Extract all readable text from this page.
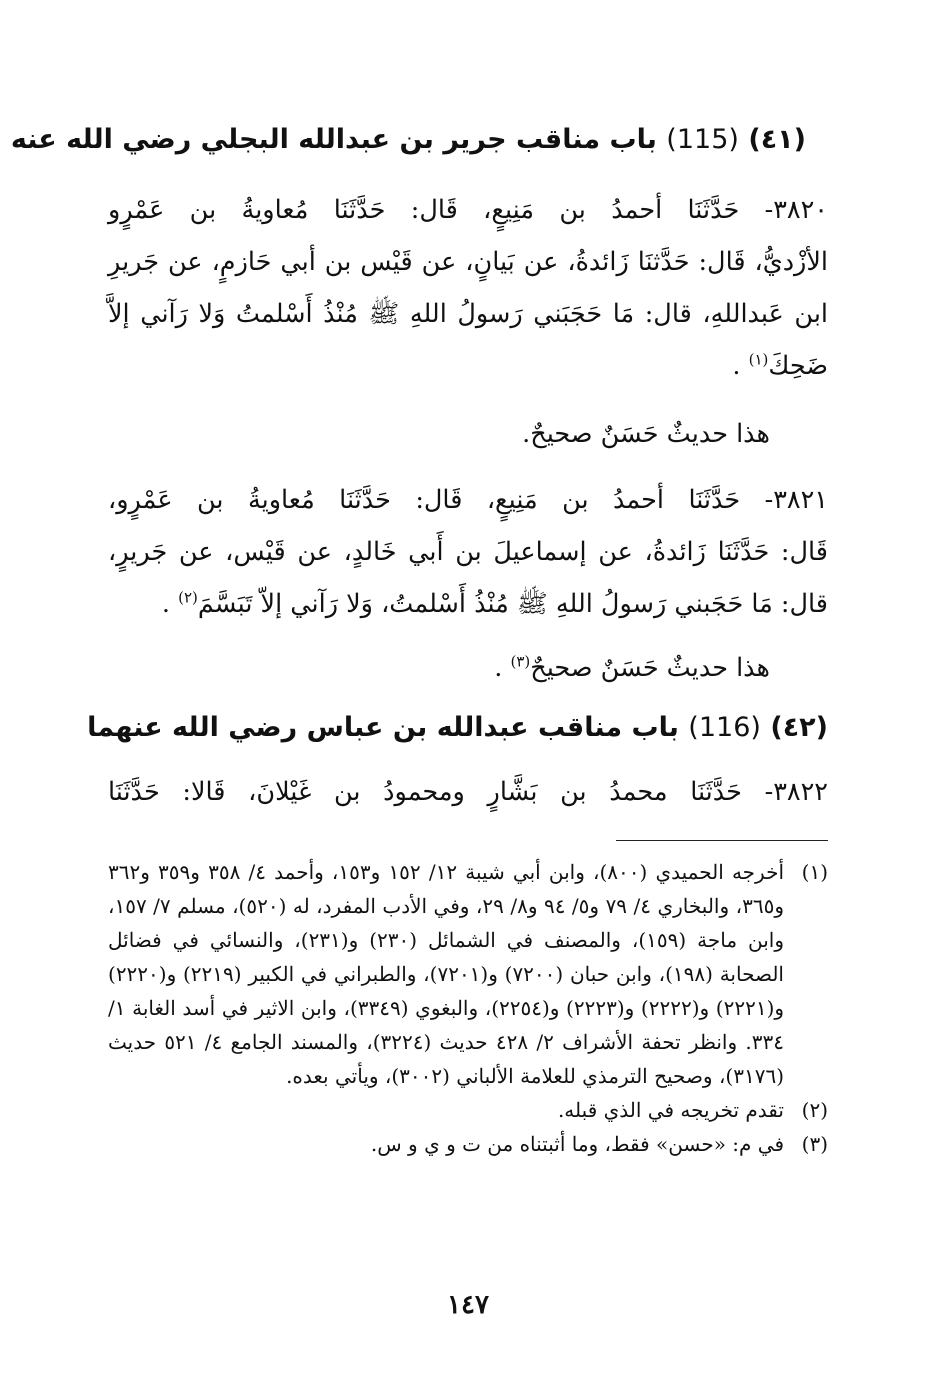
(٤١) (115) باب مناقب جرير بن عبدالله البجلي رضي الله عنه
٣٨٢٠- حَدَّثَنَا أحمدُ بن مَنِيعٍ، قَال: حَدَّثَنَا مُعاويةُ بن عَمْرٍو
الأزْديُّ، قَال: حَدَّثنَا زَائدةُ، عن بَيانٍ، عن قَيْس بن أبي حَازمٍ، عن جَريرِ
ابن عَبداللهِ، قال: مَا حَجَبَني رَسولُ اللهِ ﷺ مُنْذُ أَسْلمتُ وَلا رَآني إلاَّ
ضَحِكَ$^{(١)}$ .
هذا حديثٌ حَسَنٌ صحيحٌ.
٣٨٢١- حَدَّثَنَا أحمدُ بن مَنِيعٍ، قَال: حَدَّثَنَا مُعاويةُ بن عَمْرٍو،
قَال: حَدَّثَنَا زَائدةُ، عن إسماعيلَ بن أَبي خَالدٍ، عن قَيْس، عن جَريرٍ،
قال: مَا حَجَبني رَسولُ اللهِ ﷺ مُنْذُ أَسْلمتُ، وَلا رَآني إلاّ تَبَسَّمَ$^{(٢)}$ .
هذا حديثٌ حَسَنٌ صحيحٌ$^{(٣)}$ .
(٤٢) (116) باب مناقب عبدالله بن عباس رضي الله عنهما
٣٨٢٢- حَدَّثَنَا محمدُ بن بَشَّارٍ ومحمودُ بن غَيْلانَ، قَالا: حَدَّثَنَا
(١)
أخرجه الحميدي (٨٠٠)، وابن أبي شيبة ١٢/ ١٥٢ و١٥٣، وأحمد ٤/ ٣٥٨ و٣٥٩ و٣٦٢ و٣٦٥، والبخاري ٤/ ٧٩ و٥/ ٩٤ و٨/ ٢٩، وفي الأدب المفرد، له (٥٢٠)، مسلم ٧/ ١٥٧، وابن ماجة (١٥٩)، والمصنف في الشمائل (٢٣٠) و(٢٣١)، والنسائي في فضائل الصحابة (١٩٨)، وابن حبان (٧٢٠٠) و(٧٢٠١)، والطبراني في الكبير (٢٢١٩) و(٢٢٢٠) و(٢٢٢١) و(٢٢٢٢) و(٢٢٢٣) و(٢٢٥٤)، والبغوي (٣٣٤٩)، وابن الاثير في أسد الغابة ١/ ٣٣٤. وانظر تحفة الأشراف ٢/ ٤٢٨ حديث (٣٢٢٤)، والمسند الجامع ٤/ ٥٢١ حديث (٣١٧٦)، وصحيح الترمذي للعلامة الألباني (٣٠٠٢)، ويأتي بعده.
(٢)
تقدم تخريجه في الذي قبله.
(٣)
في م: «حسن» فقط، وما أثبتناه من ت و ي و س.
١٤٧
